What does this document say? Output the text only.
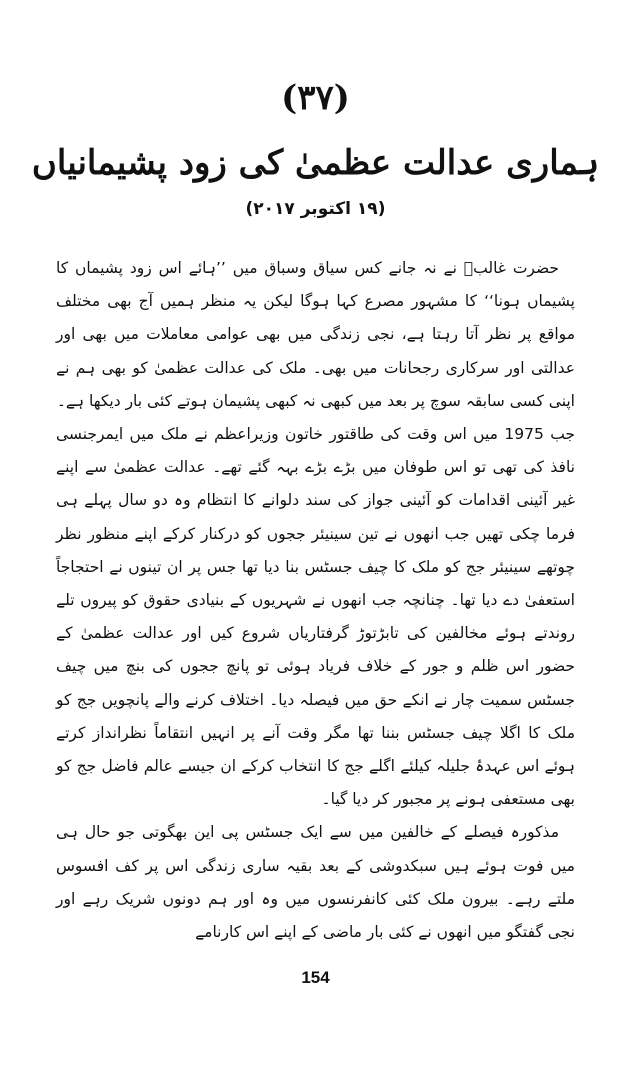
(۳۷)
ہماری عدالت عظمیٰ کی زود پشیمانیاں
(۱۹ اکتوبر ۲۰۱۷)

حضرت غالبؔ نے نہ جانے کس سیاق وسباق میں ’’ہائے اس زود پشیماں کا پشیماں ہونا‘‘ کا مشہور مصرع کہا ہوگا لیکن یہ منظر ہمیں آج بھی مختلف مواقع پر نظر آتا رہتا ہے، نجی زندگی میں بھی عوامی معاملات میں بھی اور عدالتی اور سرکاری رجحانات میں بھی۔ ملک کی عدالت عظمیٰ کو بھی ہم نے اپنی کسی سابقہ سوچ پر بعد میں کبھی نہ کبھی پشیمان ہوتے کئی بار دیکھا ہے۔

جب 1975 میں اس وقت کی طاقتور خاتون وزیراعظم نے ملک میں ایمرجنسی نافذ کی تھی تو اس طوفان میں بڑے بڑے بہہ گئے تھے۔ عدالت عظمیٰ سے اپنے غیر آئینی اقدامات کو آئینی جواز کی سند دلوانے کا انتظام وہ دو سال پہلے ہی فرما چکی تھیں جب انھوں نے تین سینیئر ججوں کو درکنار کرکے اپنے منظور نظر چوتھے سینیئر جج کو ملک کا چیف جسٹس بنا دیا تھا جس پر ان تینوں نے احتجاجاً استعفیٰ دے دیا تھا۔ چنانچہ جب انھوں نے شہریوں کے بنیادی حقوق کو پیروں تلے روندتے ہوئے مخالفین کی تابڑتوڑ گرفتاریاں شروع کیں اور عدالت عظمیٰ کے حضور اس ظلم و جور کے خلاف فریاد ہوئی تو پانچ ججوں کی بنچ میں چیف جسٹس سمیت چار نے انکے حق میں فیصلہ دیا۔ اختلاف کرنے والے پانچویں جج کو ملک کا اگلا چیف جسٹس بننا تھا مگر وقت آنے پر انہیں انتقاماً نظرانداز کرتے ہوئے اس عہدۂ جلیلہ کیلئے اگلے جج کا انتخاب کرکے ان جیسے عالم فاضل جج کو بھی مستعفی ہونے پر مجبور کر دیا گیا۔

مذکورہ فیصلے کے خالفین میں سے ایک جسٹس پی این بھگوتی جو حال ہی میں فوت ہوئے ہیں سبکدوشی کے بعد بقیہ ساری زندگی اس پر کف افسوس ملتے رہے۔ بیرون ملک کئی کانفرنسوں میں وہ اور ہم دونوں شریک رہے اور نجی گفتگو میں انھوں نے کئی بار ماضی کے اپنے اس کارنامے

154
